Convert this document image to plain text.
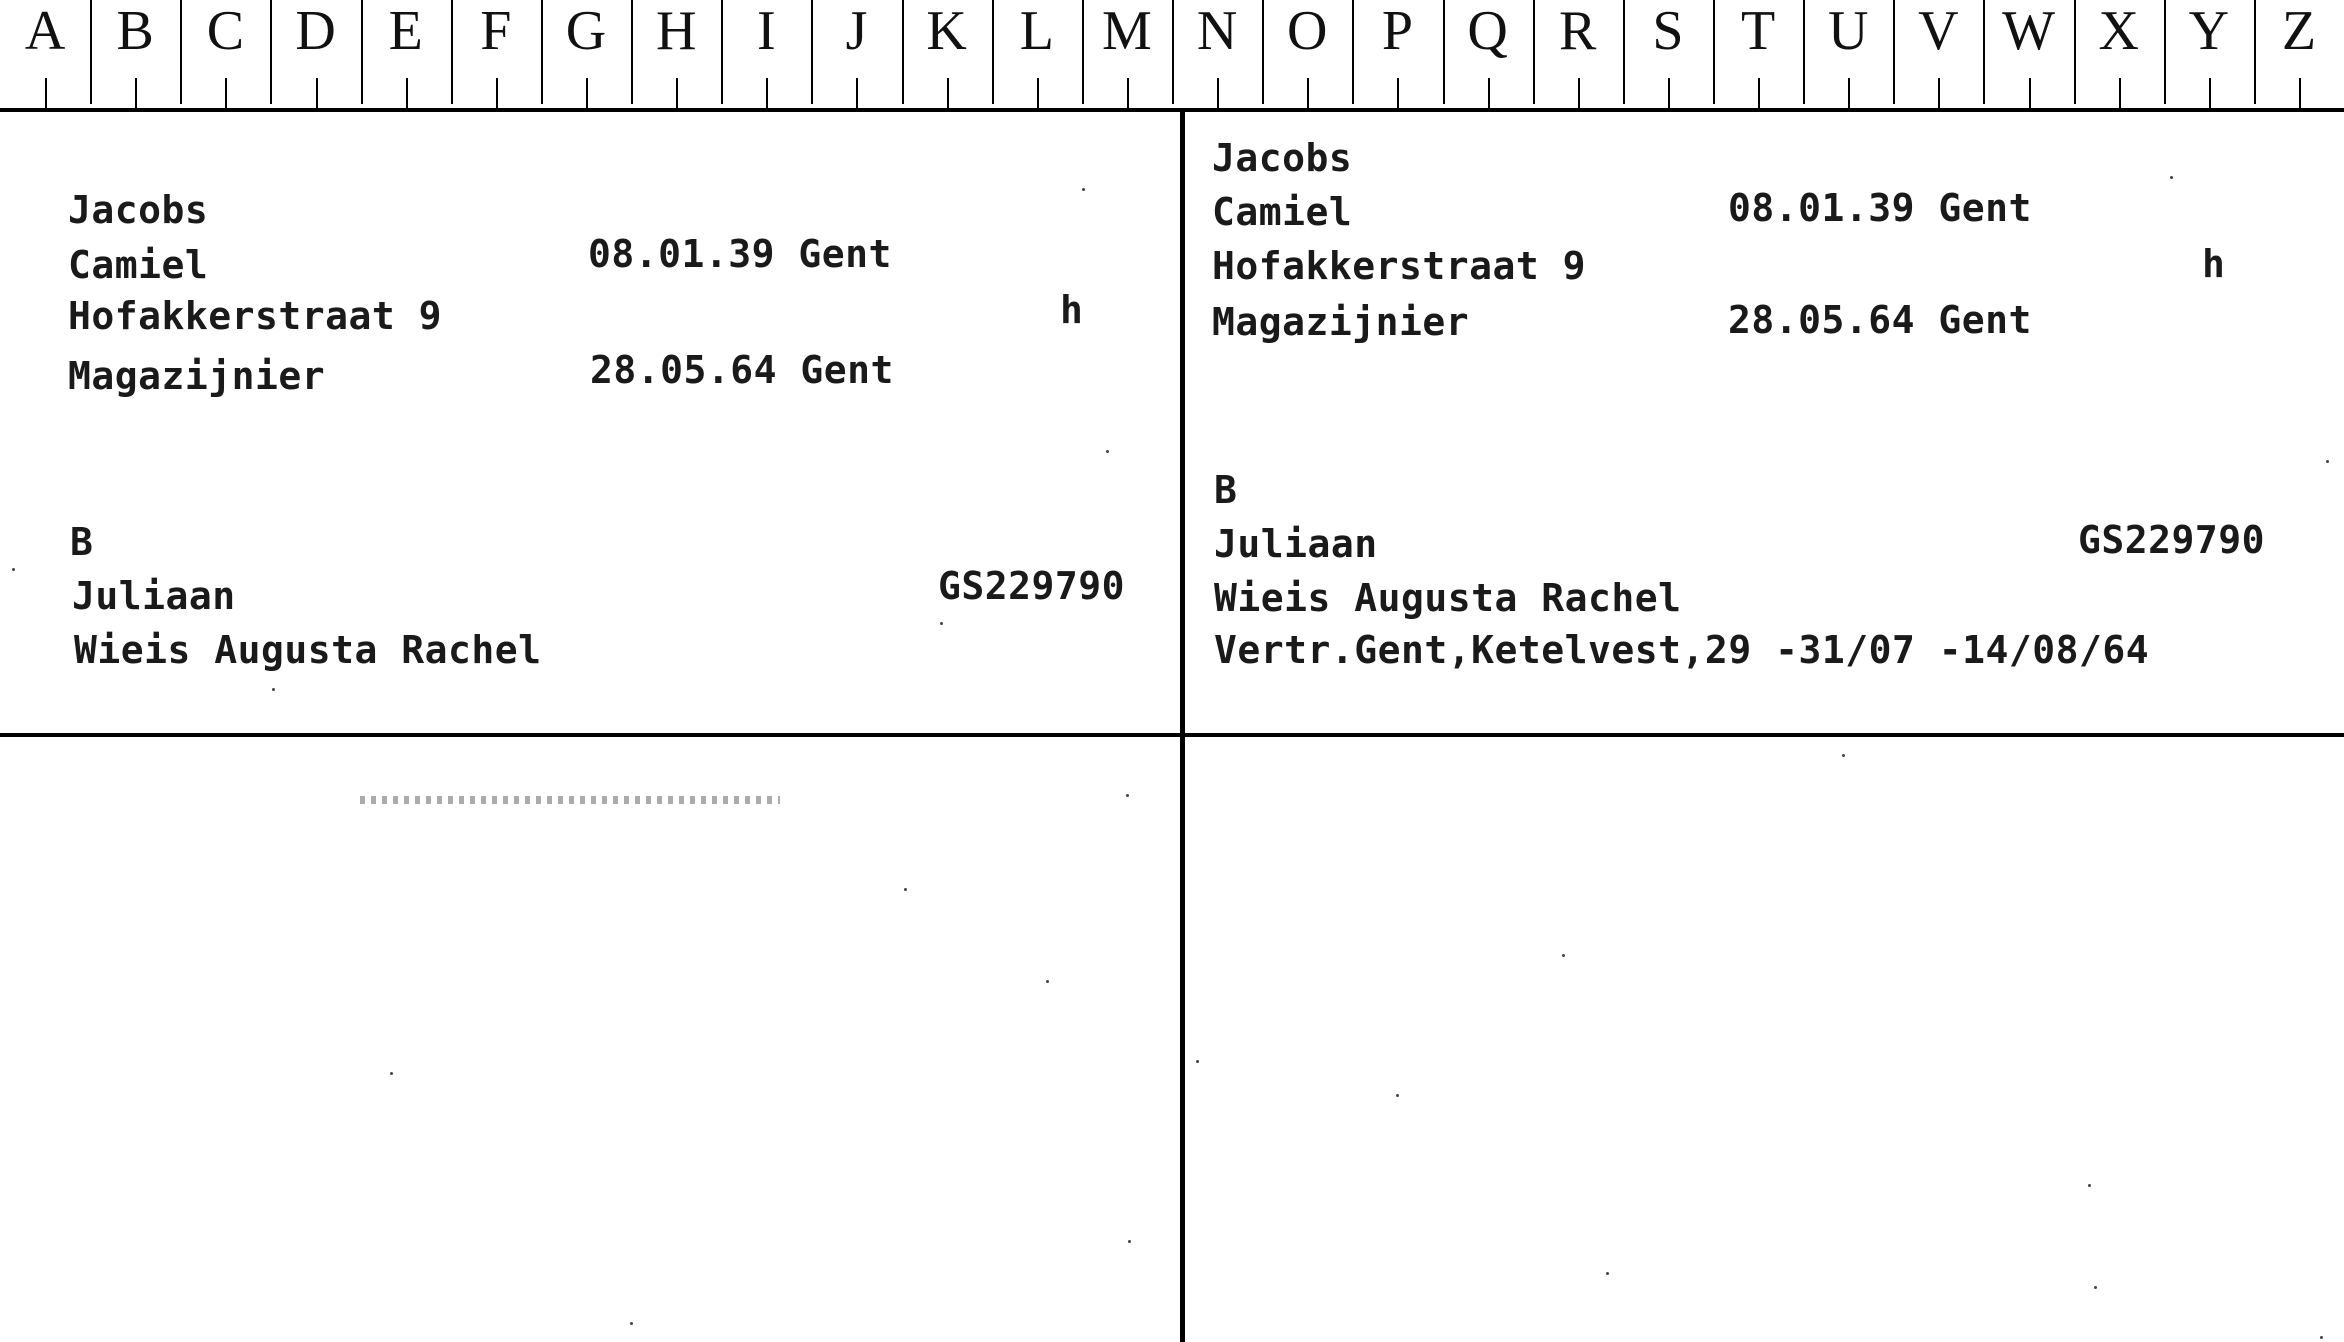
A B C D E	F G H	I	J	K L M N O P Q R S	T U V W X Y Z
Jacobs
Camiel	08.01.39 Gent
Hofakkerstraat 9	h
Magazijnier	28.05.64 Gent
B
Juliaan	GS229790
Wieis Augusta Rachel
Jacobs
Camiel	08.01.39 Gent
Hofakkerstraat 9	h
Magazijnier	28.05.64 Gent
B
Juliaan	GS229790
Wieis Augusta Rachel
Vertr.Gent,Ketelvest,29 -31/07 -14/08/64
